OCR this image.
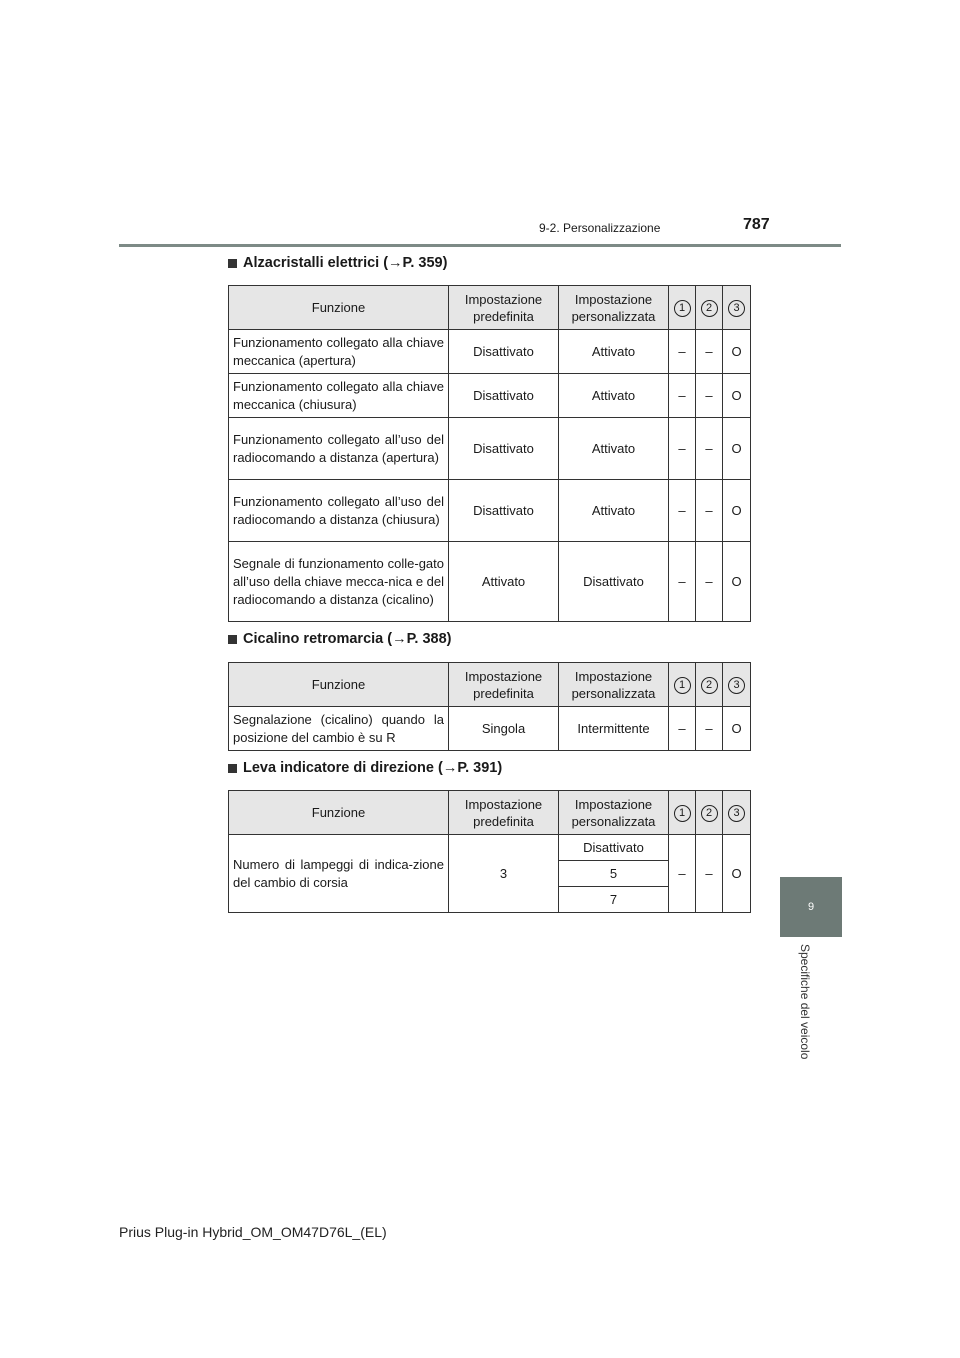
9-2. Personalizzazione	787
9
Specifiche del veicolo
Alzacristalli elettrici (→P. 359)
Funzione	Impostazione predefinita	Impostazione personalizzata	1	2	3
Funzionamento collegato alla chiave meccanica (apertura)	Disattivato	Attivato	–	–	O
Funzionamento collegato alla chiave meccanica (chiusura)	Disattivato	Attivato	–	–	O
Funzionamento collegato all’uso del radiocomando a distanza (apertura)	Disattivato	Attivato	–	–	O
Funzionamento collegato all’uso del radiocomando a distanza (chiusura)	Disattivato	Attivato	–	–	O
Segnale di funzionamento colle-gato all’uso della chiave mecca-nica e del radiocomando a distanza (cicalino)	Attivato	Disattivato	–	–	O
Cicalino retromarcia (→P. 388)
Funzione	Impostazione predefinita	Impostazione personalizzata	1	2	3
Segnalazione (cicalino) quando la posizione del cambio è su R	Singola	Intermittente	–	–	O
Leva indicatore di direzione (→P. 391)
Funzione	Impostazione predefinita	Impostazione personalizzata	1	2	3
Numero di lampeggi di indica-zione del cambio di corsia	3	Disattivato	–	–	O
		5			
		7			
Prius Plug-in Hybrid_OM_OM47D76L_(EL)
